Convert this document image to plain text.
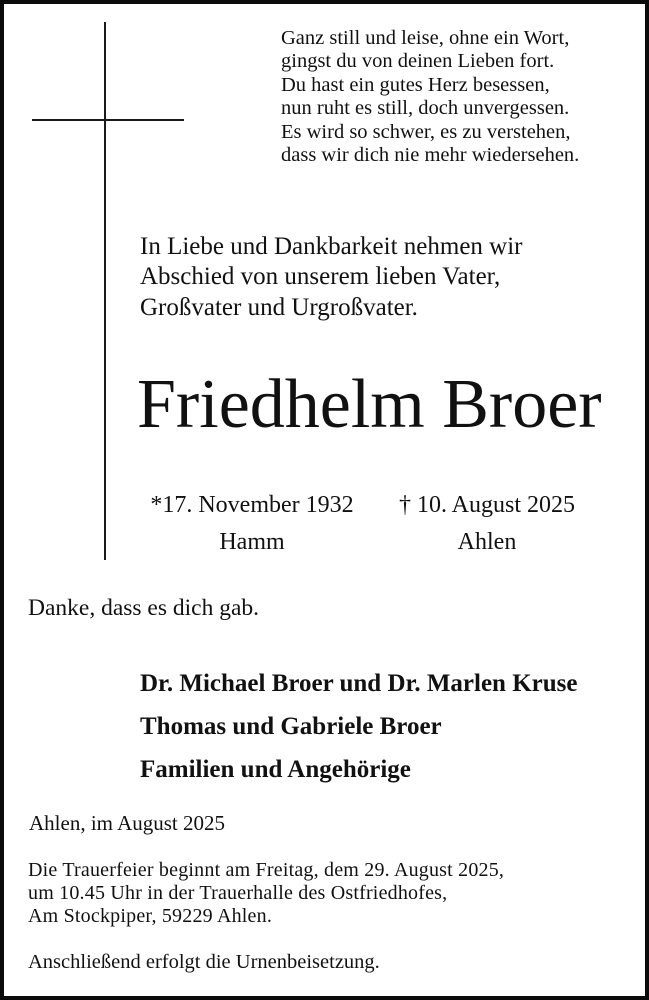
Ganz still und leise, ohne ein Wort,
gingst du von deinen Lieben fort.
Du hast ein gutes Herz besessen,
nun ruht es still, doch unvergessen.
Es wird so schwer, es zu verstehen,
dass wir dich nie mehr wiedersehen.
In Liebe und Dankbarkeit nehmen wir
Abschied von unserem lieben Vater,
Großvater und Urgroßvater.
Friedhelm Broer
*17. November 1932
Hamm
† 10. August 2025
Ahlen
Danke, dass es dich gab.
Dr. Michael Broer und Dr. Marlen Kruse
Thomas und Gabriele Broer
Familien und Angehörige
Ahlen, im August 2025
Die Trauerfeier beginnt am Freitag, dem 29. August 2025,
um 10.45 Uhr in der Trauerhalle des Ostfriedhofes,
Am Stockpiper, 59229 Ahlen.
Anschließend erfolgt die Urnenbeisetzung.
